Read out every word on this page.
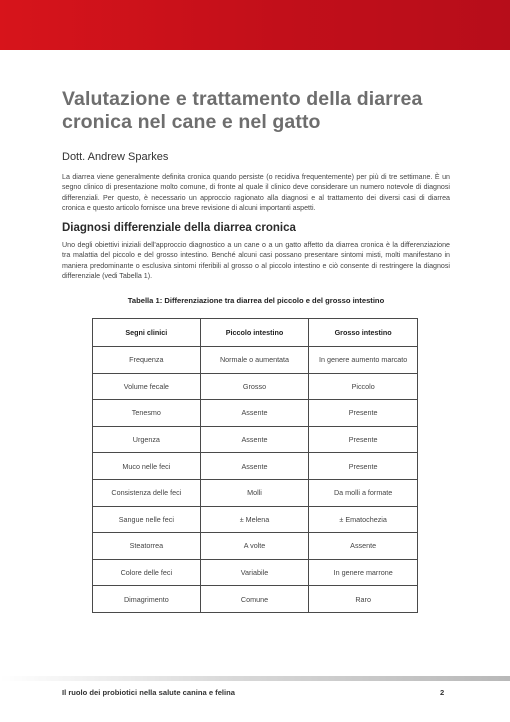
Valutazione e trattamento della diarrea cronica nel cane e nel gatto
Dott. Andrew Sparkes
La diarrea viene generalmente definita cronica quando persiste (o recidiva frequentemente) per più di tre settimane. È un segno clinico di presentazione molto comune, di fronte al quale il clinico deve considerare un numero notevole di diagnosi differenziali. Per questo, è necessario un approccio ragionato alla diagnosi e al trattamento dei diversi casi di diarrea cronica e questo articolo fornisce una breve revisione di alcuni importanti aspetti.
Diagnosi differenziale della diarrea cronica
Uno degli obiettivi iniziali dell'approccio diagnostico a un cane o a un gatto affetto da diarrea cronica è la differenziazione tra malattia del piccolo e del grosso intestino. Benché alcuni casi possano presentare sintomi misti, molti manifestano in maniera predominante o esclusiva sintomi riferibili al grosso o al piccolo intestino e ciò consente di restringere la diagnosi differenziale (vedi Tabella 1).
Tabella 1: Differenziazione tra diarrea del piccolo e del grosso intestino
Segni clinici	Piccolo intestino	Grosso intestino
Frequenza	Normale o aumentata	In genere aumento marcato
Volume fecale	Grosso	Piccolo
Tenesmo	Assente	Presente
Urgenza	Assente	Presente
Muco nelle feci	Assente	Presente
Consistenza delle feci	Molli	Da molli a formate
Sangue nelle feci	± Melena	± Ematochezia
Steatorrea	A volte	Assente
Colore delle feci	Variabile	In genere marrone
Dimagrimento	Comune	Raro
Il ruolo dei probiotici nella salute canina e felina	2
